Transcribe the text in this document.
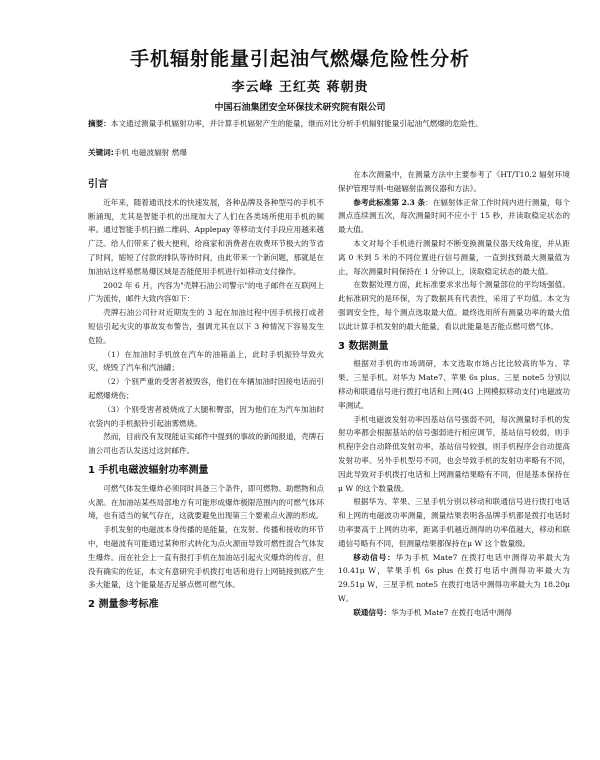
手机辐射能量引起油气燃爆危险性分析
李云峰 王红英 蒋朝贵
中国石油集团安全环保技术研究院有限公司
摘要：本文通过测量手机辐射功率，并计算手机辐射产生的能量，继而对比分析手机辐射能量引起油气燃爆的危险性。
关键词:手机 电磁波辐射 燃爆
引言

近年来，随着通讯技术的快速发展，各种品牌及各种型号的手机不断涌现，尤其是智能手机的出现加大了人们在各类场所使用手机的频率。通过智能手机扫描二维码、Applepay 等移动支付手段应用越来越广泛。给人们带来了极大便利，给商家和消费者在收费环节极大的节省了时间，缩短了付款的排队等待时间，由此带来一个新问题，那就是在加油站这样易燃易爆区域是否能使用手机进行如移动支付操作。

2002 年 6 月，内容为"壳牌石油公司警示"的电子邮件在互联网上广为流传，邮件大致内容如下：

壳牌石油公司针对近期发生的 3 起在加油过程中因手机接打或者短信引起火灾的事故发布警告，强调尤其在以下 3 种情况下容易发生危险。

（1）在加油时手机放在汽车的油箱盖上，此时手机振铃导致火灾，烧毁了汽车和汽油罐；

（2）个别严重的受害者被毁容，他们在车辆加油时因接电话而引起燃爆烧伤；

（3）个别受害者被烧成了大腿和臀部，因为他们在为汽车加油时衣袋内的手机振铃引起油雾燃烧。

然而，目前没有发现能证实邮件中提到的事故的新闻报道，壳牌石油公司也否认发送过这封邮件。

1 手机电磁波辐射功率测量

可燃气体发生爆炸必须同时具备三个条件，即可燃物、助燃物和点火源。在加油站某些局部地方有可能形成爆炸极限范围内的可燃气体环境，也有适当的氧气存在，这就要避免出现第三个要素点火源的形成。

手机发射的电磁波本身传播的是能量，在发射、传播和接收的环节中，电磁波有可能通过某种形式转化为点火源而导致可燃性混合气体发生爆炸。而在社会上一直有报打手机在加油站引起火灾爆炸的传言，但没有确实的佐证，本文有意研究手机拨打电话和进行上网链接到底产生多大能量，这个能量是否足够点燃可燃气体。

2 测量参考标准

在本次测量中，在测量方法中主要参考了《HT/T10.2 辐射环境保护管理导则-电磁辐射监测仪器和方法》。

参考此标准第 2.3 条：在辐射体正常工作时间内进行测量，每个测点连续测五次，每次测量时间不应小于 15 秒，并读取稳定状态的最大值。

本文对每个手机进行测量时不断变换测量仪器天线角度，并从距离 0 米到 5 米的不同位置进行信号测量，一直到找到最大测量值为止，每次测量时间保持在 1 分钟以上，读取稳定状态的最大值。

在数据处理方面，此标准要求求出每个测量部位的平均场强值。此标准研究的是环保，为了数据具有代表性，采用了平均值。本文为强调安全性，每个测点选取最大值。最终选用所有测量功率的最大值以此计算手机发射的最大能量，看以此能量是否能点燃可燃气体。

3 数据测量

根据对手机的市场调研，本文选取市场占比比较高的华为、苹果、三星手机。对华为 Mate7、苹果 6s plus、三星 note5 分别以移动和联通信号进行拨打电话和上网(4G 上网模拟移动支付)电磁波功率测试。

手机电磁波发射功率因基站信号强弱不同，每次测量时手机的发射功率都会根据基站的信号强弱进行相应调节，基站信号较弱，则手机程序会自动降低发射功率，基站信号较强，则手机程序会自动提高发射功率。另外手机型号不同，也会导致手机的发射功率略有不同，因此导致对手机拨打电话和上网测量结果略有不同，但是基本保持在μ W 的这个数量级。

根据华为、苹果、三星手机分别以移动和联通信号进行拨打电话和上网的电磁波功率测量，测量结果表明各品牌手机都是拨打电话时功率要高于上网的功率，距离手机越近测得的功率值越大，移动和联通信号略有不同，但测量结果都保持在μ W 这个数量级。

移动信号：华为手机 Mate7 在拨打电话中测得功率最大为 10.41μ W，苹果手机 6s plus 在拨打电话中测得功率最大为 29.51μ W，三星手机 note5 在拨打电话中测得功率最大为 18.20μ W。

联通信号：华为手机 Mate7 在拨打电话中测得
